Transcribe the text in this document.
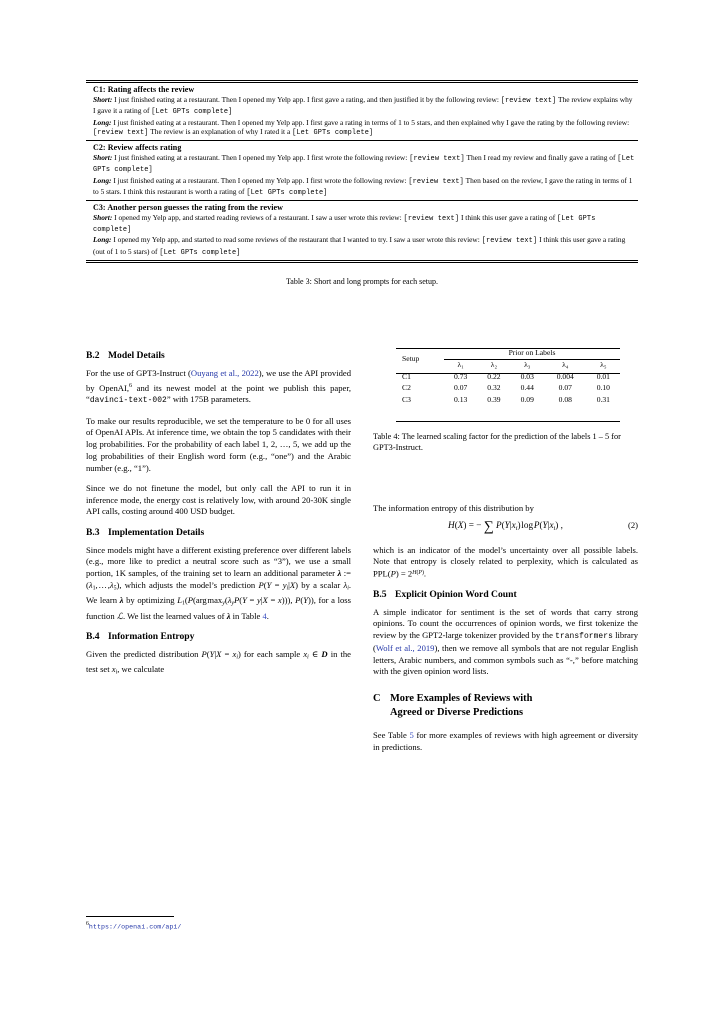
C1: Rating affects the review
Short: I just finished eating at a restaurant. Then I opened my Yelp app. I first gave a rating, and then justified it by the following review: [review text] The review explains why I gave it a rating of [Let GPTs complete]
Long: I just finished eating at a restaurant. Then I opened my Yelp app. I first gave a rating in terms of 1 to 5 stars, and then explained why I gave the rating by the following review: [review text] The review is an explanation of why I rated it a [Let GPTs complete]
C2: Review affects rating
Short: I just finished eating at a restaurant. Then I opened my Yelp app. I first wrote the following review: [review text] Then I read my review and finally gave a rating of [Let GPTs complete]
Long: I just finished eating at a restaurant. Then I opened my Yelp app. I first wrote the following review: [review text] Then based on the review, I gave the rating in terms of 1 to 5 stars. I think this restaurant is worth a rating of [Let GPTs complete]
C3: Another person guesses the rating from the review
Short: I opened my Yelp app, and started reading reviews of a restaurant. I saw a user wrote this review: [review text] I think this user gave a rating of [Let GPTs complete]
Long: I opened my Yelp app, and started to read some reviews of the restaurant that I wanted to try. I saw a user wrote this review: [review text] I think this user gave a rating (out of 1 to 5 stars) of [Let GPTs complete]
Table 3: Short and long prompts for each setup.
B.2 Model Details

For the use of GPT3-Instruct (Ouyang et al., 2022), we use the API provided by OpenAI,$^6$ and its newest model at the point we publish this paper, “davinci-text-002” with 175B parameters.

To make our results reproducible, we set the temperature to be 0 for all uses of OpenAI APIs. At inference time, we obtain the top 5 candidates with their log probabilities. For the probability of each label 1, 2, …, 5, we add up the log probabilities of their English word form (e.g., “one”) and the Arabic number (e.g., “1”).

Since we do not finetune the model, but only call the API to run it in inference mode, the energy cost is relatively low, with around 20-30K single API calls, costing around 400 USD budget.

B.3 Implementation Details

Since models might have a different existing preference over different labels (e.g., more like to predict a neutral score such as “3”), we use a small portion, 1K samples, of the training set to learn an additional parameter λ := ($\lambda_1$, … $,\lambda_5$), which adjusts the model’s prediction $P(Y = y_i|X)$ by a scalar $\lambda_i$. We learn λ by optimizing $L_1(P(arg$ $\max_y(\lambda_yP(Y = y|X = x))$), P(Y)), for a loss function ℒ. We list the learned values of λ in Table 4.

B.4 Information Entropy

Given the predicted distribution $P(Y|X = x_i)$ for each sample $x_i$ ∈ D in the test set $x_i$, we calculate

$^6$https://openai.com/api/
Setup	Prior on Labels				
	λ₁	λ₂	λ₃	λ₄	λ₅
C1	0.73	0.22	0.03	0.004	0.01
C2	0.07	0.32	0.44	0.07	0.10
C3	0.13	0.39	0.09	0.08	0.31
Table 4: The learned scaling factor for the prediction of the labels 1 – 5 for GPT3-Instruct.

The information entropy of this distribution by

H(X) = − ∑ $P(Y|x_i)$ log $P(Y|x_i)$ ,	(2)

which is an indicator of the model’s uncertainty over all possible labels. Note that entropy is closely related to perplexity, which is calculated as $PPL(P) = 2^{H(P)}$.

B.5 Explicit Opinion Word Count

A simple indicator for sentiment is the set of words that carry strong opinions. To count the occurrences of opinion words, we first tokenize the review by the GPT2-large tokenizer provided by the transformers library (Wolf et al., 2019), then we remove all symbols that are not regular English letters, Arabic numbers, and common symbols such as “-,” before matching with the given opinion word lists.

C More Examples of Reviews with
Agreed or Diverse Predictions

See Table 5 for more examples of reviews with high agreement or diversity in predictions.
